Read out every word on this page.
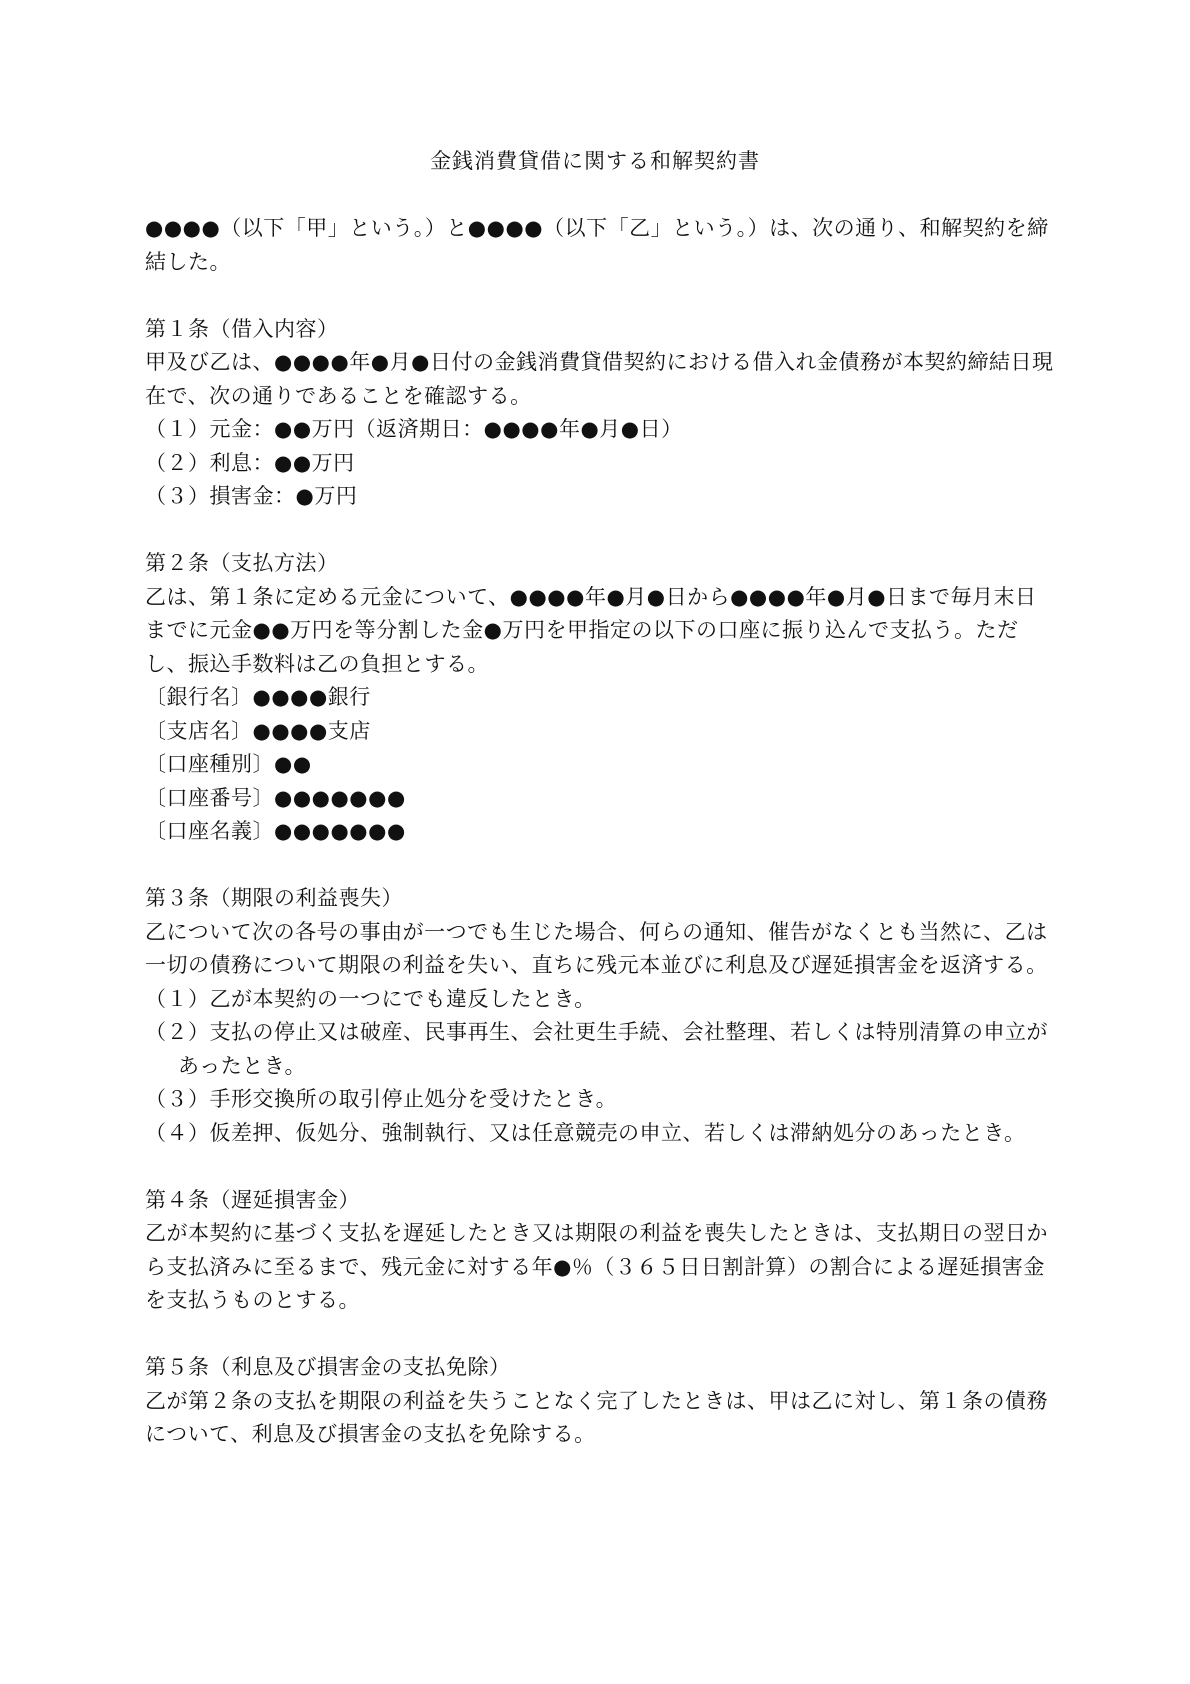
金銭消費貸借に関する和解契約書

●●●●（以下「甲」という。）と●●●●（以下「乙」という。）は、次の通り、和解契約を締結した。

第１条（借入内容）

甲及び乙は、●●●●年●月●日付の金銭消費貸借契約における借入れ金債務が本契約締結日現在で、次の通りであることを確認する。

（１）元金：●●万円（返済期日：●●●●年●月●日）

（２）利息：●●万円

（３）損害金：●万円

第２条（支払方法）

乙は、第１条に定める元金について、●●●●年●月●日から●●●●年●月●日まで毎月末日までに元金●●万円を等分割した金●万円を甲指定の以下の口座に振り込んで支払う。ただし、振込手数料は乙の負担とする。

〔銀行名〕●●●●銀行

〔支店名〕●●●●支店

〔口座種別〕●●

〔口座番号〕●●●●●●●

〔口座名義〕●●●●●●●

第３条（期限の利益喪失）

乙について次の各号の事由が一つでも生じた場合、何らの通知、催告がなくとも当然に、乙は一切の債務について期限の利益を失い、直ちに残元本並びに利息及び遅延損害金を返済する。

（１）乙が本契約の一つにでも違反したとき。

（２）支払の停止又は破産、民事再生、会社更生手続、会社整理、若しくは特別清算の申立があったとき。

（３）手形交換所の取引停止処分を受けたとき。

（４）仮差押、仮処分、強制執行、又は任意競売の申立、若しくは滞納処分のあったとき。

第４条（遅延損害金）

乙が本契約に基づく支払を遅延したとき又は期限の利益を喪失したときは、支払期日の翌日から支払済みに至るまで、残元金に対する年●％（３６５日日割計算）の割合による遅延損害金を支払うものとする。

第５条（利息及び損害金の支払免除）

乙が第２条の支払を期限の利益を失うことなく完了したときは、甲は乙に対し、第１条の債務について、利息及び損害金の支払を免除する。
